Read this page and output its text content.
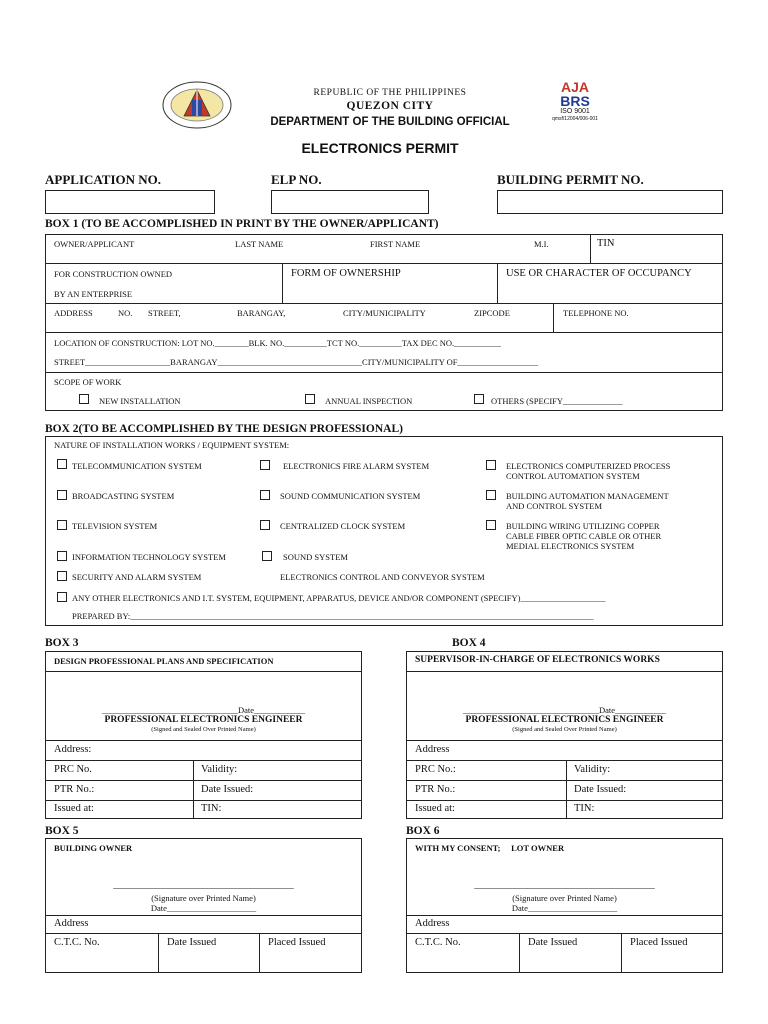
REPUBLIC OF THE PHILIPPINES
QUEZON CITY
DEPARTMENT OF THE BUILDING OFFICIAL
AJA
BRS
ISO 9001
qmsf/12004/006-001
ELECTRONICS PERMIT
APPLICATION NO.	ELP NO.	BUILDING PERMIT NO.
BOX 1 (TO BE ACCOMPLISHED IN PRINT BY THE OWNER/APPLICANT)
OWNER/APPLICANT	LAST NAME	FIRST NAME	M.I.	TIN
FOR CONSTRUCTION OWNED
BY AN ENTERPRISE
FORM OF OWNERSHIP	USE OR CHARACTER OF OCCUPANCY
ADDRESS	NO. STREET,	BARANGAY,	CITY/MUNICIPALITY	ZIPCODE	TELEPHONE NO.
LOCATION OF CONSTRUCTION: LOT NO.________BLK. NO.__________TCT NO.__________TAX DEC NO.___________
STREET____________________BARANGAY__________________________________CITY/MUNICIPALITY OF___________________
SCOPE OF WORK
NEW INSTALLATION	ANNUAL INSPECTION	OTHERS (SPECIFY______________
BOX 2(TO BE ACCOMPLISHED BY THE DESIGN PROFESSIONAL)
NATURE OF INSTALLATION WORKS / EQUIPMENT SYSTEM:
TELECOMMUNICATION SYSTEM	ELECTRONICS FIRE ALARM SYSTEM	ELECTRONICS COMPUTERIZED PROCESS
CONTROL AUTOMATION SYSTEM
BROADCASTING SYSTEM	SOUND COMMUNICATION SYSTEM	BUILDING AUTOMATION MANAGEMENT
AND CONTROL SYSTEM
TELEVISION SYSTEM	CENTRALIZED CLOCK SYSTEM	BUILDING WIRING UTILIZING COPPER
CABLE FIBER OPTIC CABLE OR OTHER
MEDIAL ELECTRONICS SYSTEM
INFORMATION TECHNOLOGY SYSTEM	SOUND SYSTEM
SECURITY AND ALARM SYSTEM	ELECTRONICS CONTROL AND CONVEYOR SYSTEM
ANY OTHER ELECTRONICS AND I.T. SYSTEM, EQUIPMENT, APPARATUS, DEVICE AND/OR COMPONENT (SPECIFY)____________________
PREPARED BY:_____________________________________________________________________________________________________________
BOX 3
DESIGN PROFESSIONAL PLANS AND SPECIFICATION
________________________________Date____________
PROFESSIONAL ELECTRONICS ENGINEER
(Signed and Sealed Over Printed Name)
Address:
PRC No.	Validity:
PTR No.:	Date Issued:
Issued at:	TIN:
BOX 4
SUPERVISOR-IN-CHARGE OF ELECTRONICS WORKS
________________________________Date____________
PROFESSIONAL ELECTRONICS ENGINEER
(Signed and Sealed Over Printed Name)
Address
PRC No.:	Validity:
PTR No.:	Date Issued:
Issued at:	TIN:
BOX 5
BUILDING OWNER
______________________________________
(Signature over Printed Name)
Date_____________________
Address
C.T.C. No.	Date Issued	Placed Issued
BOX 6
WITH MY CONSENT;     LOT OWNER
______________________________________
(Signature over Printed Name)
Date_____________________
Address
C.T.C. No.	Date Issued	Placed Issued
